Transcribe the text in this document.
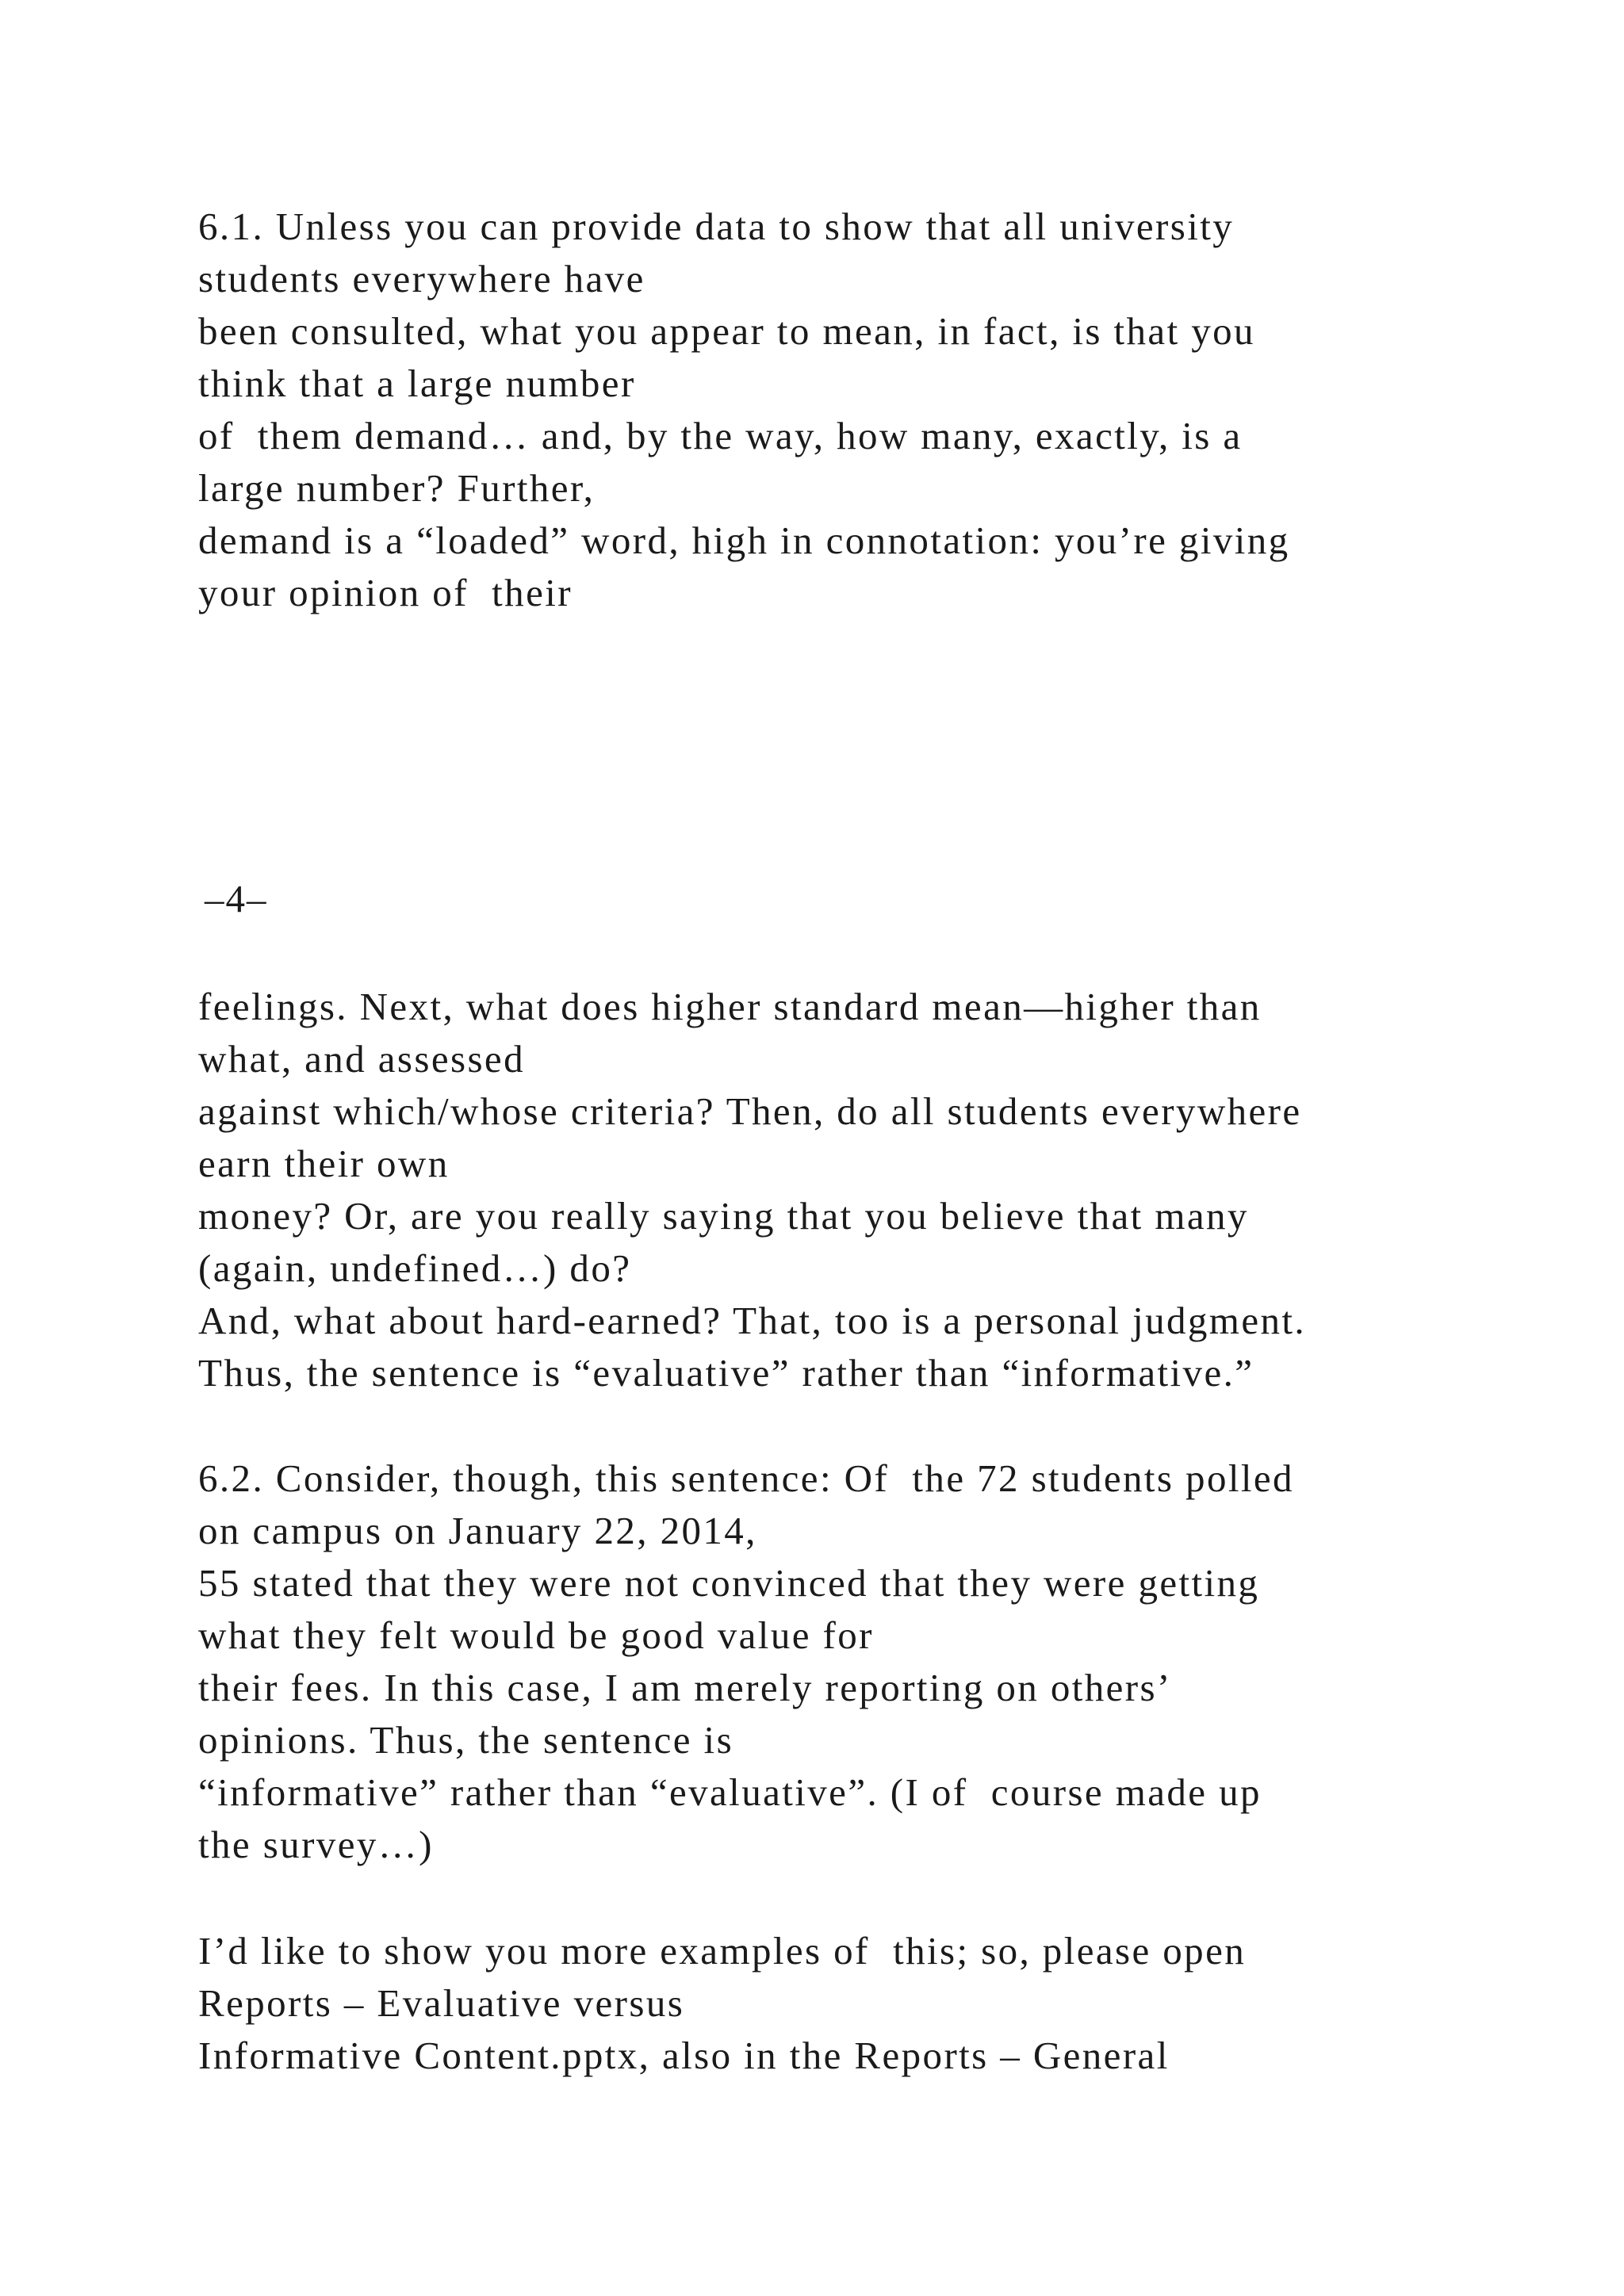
6.1. Unless you can provide data to show that all university
students everywhere have
been consulted, what you appear to mean, in fact, is that you
think that a large number
of  them demand… and, by the way, how many, exactly, is a
large number? Further,
demand is a “loaded” word, high in connotation: you’re giving
your opinion of  their
–4–
feelings. Next, what does higher standard mean—higher than
what, and assessed
against which/whose criteria? Then, do all students everywhere
earn their own
money? Or, are you really saying that you believe that many
(again, undefined…) do?
And, what about hard-earned? That, too is a personal judgment.
Thus, the sentence is “evaluative” rather than “informative.”
6.2. Consider, though, this sentence: Of  the 72 students polled
on campus on January 22, 2014,
55 stated that they were not convinced that they were getting
what they felt would be good value for
their fees. In this case, I am merely reporting on others’
opinions. Thus, the sentence is
“informative” rather than “evaluative”. (I of  course made up
the survey…)
I’d like to show you more examples of  this; so, please open
Reports – Evaluative versus
Informative Content.pptx, also in the Reports – General
